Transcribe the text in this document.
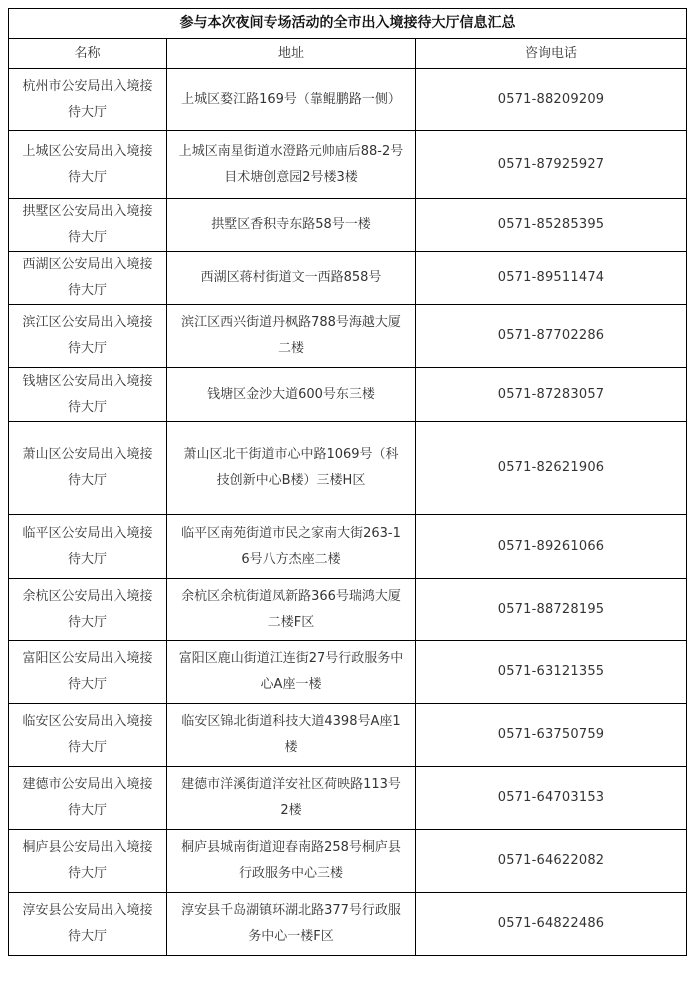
参与本次夜间专场活动的全市出入境接待大厅信息汇总		
名称	地址	咨询电话
杭州市公安局出入境接待大厅	上城区婺江路169号（靠鲲鹏路一侧）	0571-88209209
上城区公安局出入境接待大厅	上城区南星街道水澄路元帅庙后88-2号目术塘创意园2号楼3楼	0571-87925927
拱墅区公安局出入境接待大厅	拱墅区香积寺东路58号一楼	0571-85285395
西湖区公安局出入境接待大厅	西湖区蒋村街道文一西路858号	0571-89511474
滨江区公安局出入境接待大厅	滨江区西兴街道丹枫路788号海越大厦二楼	0571-87702286
钱塘区公安局出入境接待大厅	钱塘区金沙大道600号东三楼	0571-87283057
萧山区公安局出入境接待大厅	萧山区北干街道市心中路1069号（科技创新中心B楼）三楼H区	0571-82621906
临平区公安局出入境接待大厅	临平区南苑街道市民之家南大街263-16号八方杰座二楼	0571-89261066
余杭区公安局出入境接待大厅	余杭区余杭街道凤新路366号瑞鸿大厦二楼F区	0571-88728195
富阳区公安局出入境接待大厅	富阳区鹿山街道江连街27号行政服务中心A座一楼	0571-63121355
临安区公安局出入境接待大厅	临安区锦北街道科技大道4398号A座1楼	0571-63750759
建德市公安局出入境接待大厅	建德市洋溪街道洋安社区荷映路113号2楼	0571-64703153
桐庐县公安局出入境接待大厅	桐庐县城南街道迎春南路258号桐庐县行政服务中心三楼	0571-64622082
淳安县公安局出入境接待大厅	淳安县千岛湖镇环湖北路377号行政服务中心一楼F区	0571-64822486
